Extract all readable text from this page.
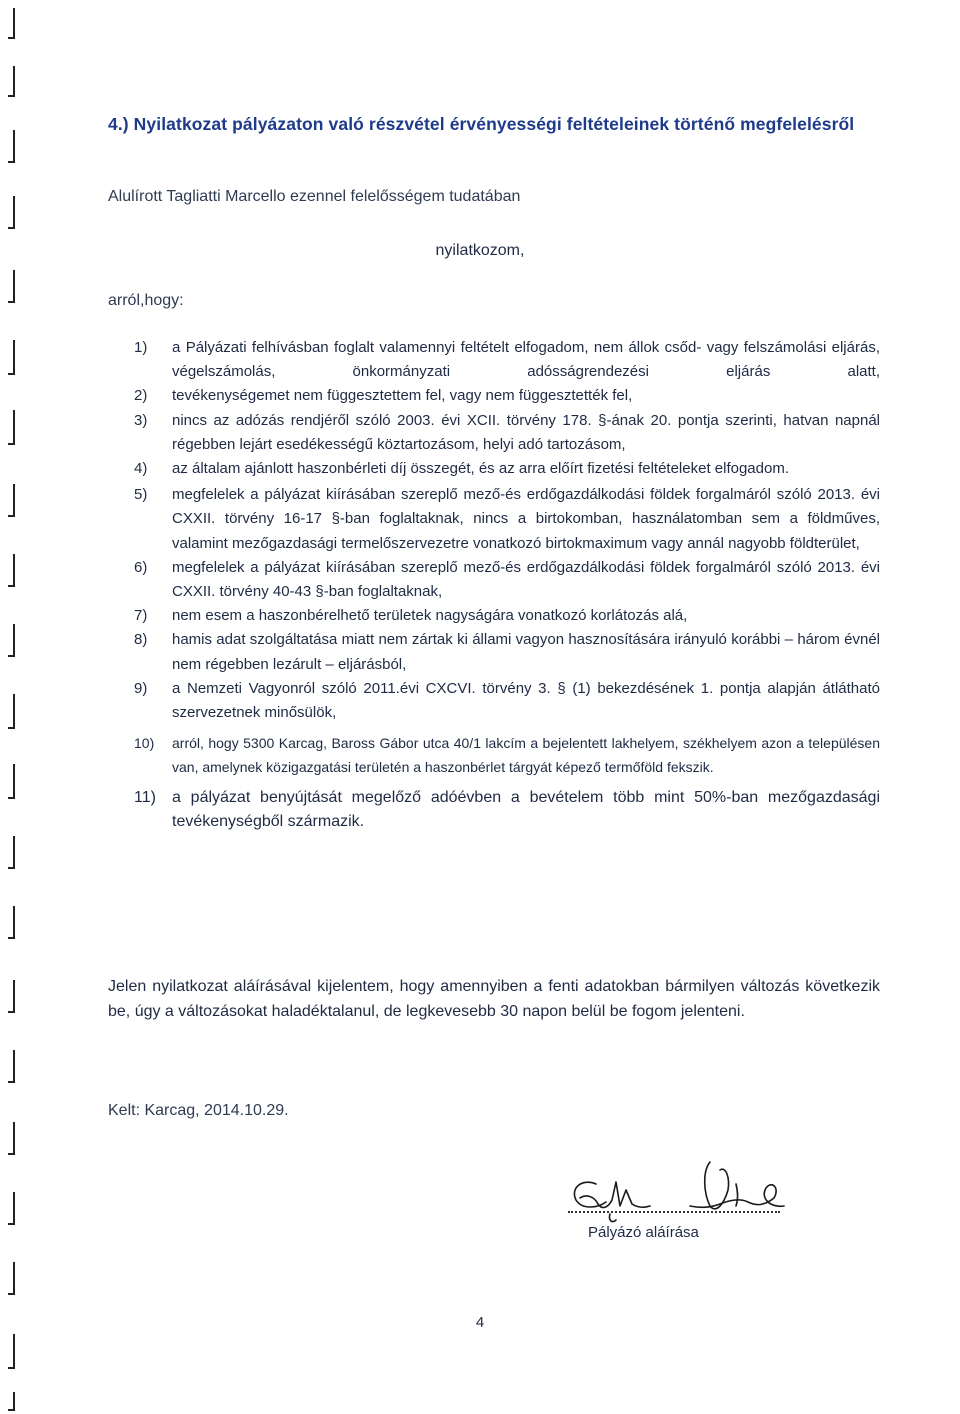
4.) Nyilatkozat pályázaton való részvétel érvényességi feltételeinek történő megfelelésről
Alulírott Tagliatti Marcello ezennel felelősségem tudatában
nyilatkozom,
arról,hogy:
1)	a Pályázati felhívásban foglalt valamennyi feltételt elfogadom, nem állok csőd- vagy felszámolási eljárás, végelszámolás, önkormányzati adósságrendezési eljárás alatt,
2)	tevékenységemet nem függesztettem fel, vagy nem függesztették fel,
3)	nincs az adózás rendjéről szóló 2003. évi XCII. törvény 178. §-ának 20. pontja szerinti, hatvan napnál régebben lejárt esedékességű köztartozásom, helyi adó tartozásom,
4)	az általam ajánlott haszonbérleti díj összegét, és az arra előírt fizetési feltételeket elfogadom.
5)	megfelelek a pályázat kiírásában szereplő mező-és erdőgazdálkodási földek forgalmáról szóló 2013. évi CXXII. törvény 16-17 §-ban foglaltaknak, nincs a birtokomban, használatomban sem a földműves, valamint mezőgazdasági termelőszervezetre vonatkozó birtokmaximum vagy annál nagyobb földterület,
6)	megfelelek a pályázat kiírásában szereplő mező-és erdőgazdálkodási földek forgalmáról szóló 2013. évi CXXII. törvény 40-43 §-ban foglaltaknak,
7)	nem esem a haszonbérelhető területek nagyságára vonatkozó korlátozás alá,
8)	hamis adat szolgáltatása miatt nem zártak ki állami vagyon hasznosítására irányuló korábbi – három évnél nem régebben lezárult – eljárásból,
9)	a Nemzeti Vagyonról szóló 2011.évi CXCVI. törvény 3. § (1) bekezdésének 1. pontja alapján átlátható szervezetnek minősülök,
10)	arról, hogy 5300 Karcag, Baross Gábor utca 40/1 lakcím a bejelentett lakhelyem, székhelyem azon a településen van, amelynek közigazgatási területén a haszonbérlet tárgyát képező termőföld fekszik.
11)	a pályázat benyújtását megelőző adóévben a bevételem több mint 50%-ban mezőgazdasági tevékenységből származik.
Jelen nyilatkozat aláírásával kijelentem, hogy amennyiben a fenti adatokban bármilyen változás következik be, úgy a változásokat haladéktalanul, de legkevesebb 30 napon belül be fogom jelenteni.
Kelt: Karcag, 2014.10.29.
Pályázó aláírása
4
